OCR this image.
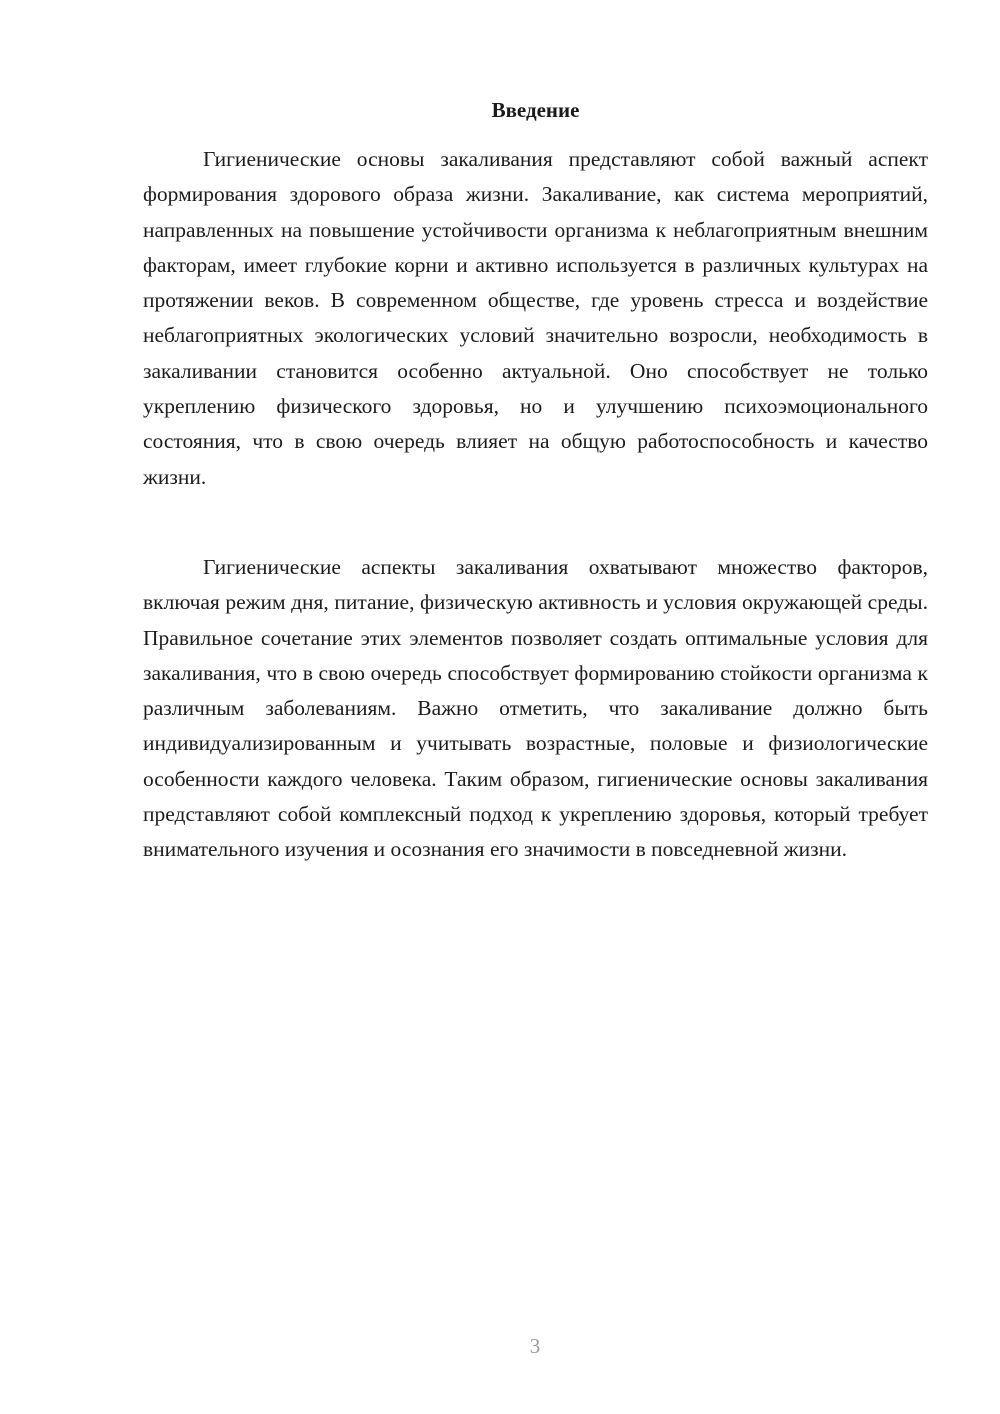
Введение

Гигиенические основы закаливания представляют собой важный аспект формирования здорового образа жизни. Закаливание, как система мероприятий, направленных на повышение устойчивости организма к неблагоприятным внешним факторам, имеет глубокие корни и активно используется в различных культурах на протяжении веков. В современном обществе, где уровень стресса и воздействие неблагоприятных экологических условий значительно возросли, необходимость в закаливании становится особенно актуальной. Оно способствует не только укреплению физического здоровья, но и улучшению психоэмоционального состояния, что в свою очередь влияет на общую работоспособность и качество жизни.

Гигиенические аспекты закаливания охватывают множество факторов, включая режим дня, питание, физическую активность и условия окружающей среды. Правильное сочетание этих элементов позволяет создать оптимальные условия для закаливания, что в свою очередь способствует формированию стойкости организма к различным заболеваниям. Важно отметить, что закаливание должно быть индивидуализированным и учитывать возрастные, половые и физиологические особенности каждого человека. Таким образом, гигиенические основы закаливания представляют собой комплексный подход к укреплению здоровья, который требует внимательного изучения и осознания его значимости в повседневной жизни.

3
